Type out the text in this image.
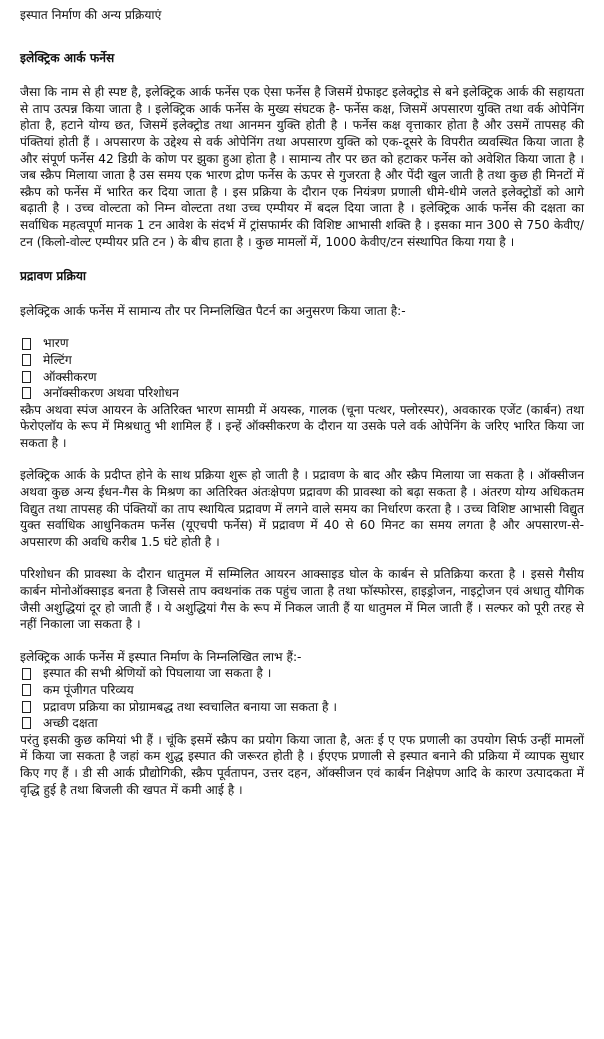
इस्पात निर्माण की अन्य प्रक्रियाएं
इलेक्ट्रिक आर्क फर्नेस

जैसा कि नाम से ही स्पष्ट है, इलेक्ट्रिक आर्क फर्नेस एक ऐसा फर्नेस है जिसमें ग्रेफाइट इलेक्ट्रोड से बने इलेक्ट्रिक आर्क की सहायता से ताप उत्पन्न किया जाता है । इलेक्ट्रिक आर्क फर्नेस के मुख्य संघटक है- फर्नेस कक्ष, जिसमें अपसारण युक्ति तथा वर्क ओपेनिंग होता है, हटाने योग्य छत, जिसमें इलेक्ट्रोड तथा आनमन युक्ति होती है । फर्नेस कक्ष वृत्ताकार होता है और उसमें तापसह की पंक्तियां होती हैं । अपसारण के उद्देश्य से वर्क ओपेनिंग तथा अपसारण युक्ति को एक-दूसरे के विपरीत व्यवस्थित किया जाता है और संपूर्ण फर्नेस 42 डिग्री के कोण पर झुका हुआ होता है । सामान्य तौर पर छत को हटाकर फर्नेस को अवेशित किया जाता है । जब स्क्रैप मिलाया जाता है उस समय एक भारण द्रोण फर्नेस के ऊपर से गुजरता है और पेंदी खुल जाती है तथा कुछ ही मिनटों में स्क्रैप को फर्नेस में भारित कर दिया जाता है । इस प्रक्रिया के दौरान एक नियंत्रण प्रणाली धीमे-धीमे जलते इलेक्ट्रोडों को आगे बढ़ाती है । उच्च वोल्टता को निम्न वोल्टता तथा उच्च एम्पीयर में बदल दिया जाता है । इलेक्ट्रिक आर्क फर्नेस की दक्षता का सर्वाधिक महत्वपूर्ण मानक 1 टन आवेश के संदर्भ में ट्रांसफार्मर की विशिष्ट आभासी शक्ति है । इसका मान 300 से 750 केवीए/टन (किलो-वोल्ट एम्पीयर प्रति टन ) के बीच हाता है । कुछ मामलों में, 1000 केवीए/टन संस्थापित किया गया है ।

प्रद्रावण प्रक्रिया

इलेक्ट्रिक आर्क फर्नेस में सामान्य तौर पर निम्नलिखित पैटर्न का अनुसरण किया जाता है:-

भारण
मेल्टिंग
ऑक्सीकरण
अनॉक्सीकरण अथवा परिशोधन

स्क्रैप अथवा स्पंज आयरन के अतिरिक्त भारण सामग्री में अयस्क, गालक (चूना पत्थर, फ्लोरस्पर), अवकारक एजेंट (कार्बन) तथा फेरोएलॉय के रूप में मिश्रधातु भी शामिल हैं । इन्हें ऑक्सीकरण के दौरान या उसके पले वर्क ओपेनिंग के जरिए भारित किया जा सकता है ।

इलेक्ट्रिक आर्क के प्रदीप्त होने के साथ प्रक्रिया शुरू हो जाती है । प्रद्रावण के बाद और स्क्रैप मिलाया जा सकता है । ऑक्सीजन अथवा कुछ अन्य ईधन-गैस के मिश्रण का अतिरिक्त अंतःक्षेपण प्रद्रावण की प्रावस्था को बढ़ा सकता है । अंतरण योग्य अधिकतम विद्युत तथा तापसह की पंक्तियों का ताप स्थायित्व प्रद्रावण में लगने वाले समय का निर्धारण करता है । उच्च विशिष्ट आभासी विद्युत युक्त सर्वाधिक आधुनिकतम फर्नेस (यूएचपी फर्नेस) में प्रद्रावण में 40 से 60 मिनट का समय लगता है और अपसारण-से-अपसारण की अवधि करीब 1.5 घंटे होती है ।

परिशोधन की प्रावस्था के दौरान धातुमल में सम्मिलित आयरन आक्साइड घोल के कार्बन से प्रतिक्रिया करता है । इससे गैसीय कार्बन मोनोऑक्साइड बनता है जिससे ताप क्वथनांक तक पहुंच जाता है तथा फॉस्फोरस, हाइड्रोजन, नाइट्रोजन एवं अधातु यौगिक जैसी अशुद्धियां दूर हो जाती हैं । ये अशुद्धियां गैस के रूप में निकल जाती हैं या धातुमल में मिल जाती हैं । सल्फर को पूरी तरह से नहीं निकाला जा सकता है ।

इलेक्ट्रिक आर्क फर्नेस में इस्पात निर्माण के निम्नलिखित लाभ हैं:-

इस्पात की सभी श्रेणियों को पिघलाया जा सकता है ।
कम पूंजीगत परिव्यय
प्रद्रावण प्रक्रिया का प्रोग्रामबद्ध तथा स्वचालित बनाया जा सकता है ।
अच्छी दक्षता

परंतु इसकी कुछ कमियां भी हैं । चूंकि इसमें स्क्रैप का प्रयोग किया जाता है, अतः ई ए एफ प्रणाली का उपयोग सिर्फ उन्हीं मामलों में किया जा सकता है जहां कम शुद्ध इस्पात की जरूरत होती है । ईएएफ प्रणाली से इस्पात बनाने की प्रक्रिया में व्यापक सुधार किए गए हैं । डी सी आर्क प्रौद्योगिकी, स्क्रैप पूर्वतापन, उत्तर दहन, ऑक्सीजन एवं कार्बन निक्षेपण आदि के कारण उत्पादकता में वृद्धि हुई है तथा बिजली की खपत में कमी आई है ।
